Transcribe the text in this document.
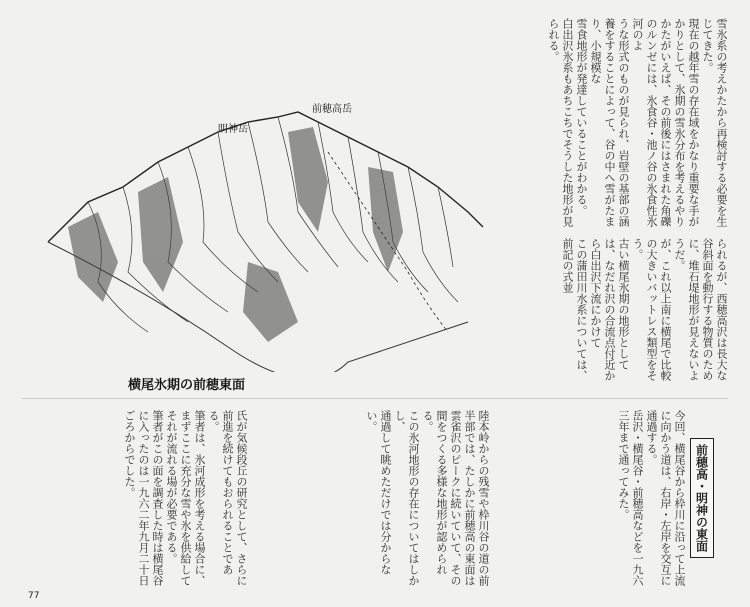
明神岳
前穂高岳
横尾氷期の前穂東面
雪氷系の考えかたから再検討する必要を生じてきた。
現在の越年雪の存在域をかなり重要な手がかりとして、氷期の雪氷分布を考えるやりかたがいえば、その前後にはさまれた角礫のルンゼには、氷食谷・池ノ谷の氷食性氷河のよ
うな形式のものが見られ、岩壁の基部の涵養をすることによって、谷の中へ雪がたまり、小規模な
雪食地形が発達していることがわかる。
白出沢氷系もあちこちでそうした地形が見られる。
られるが、西穂高沢は長大な谷斜面を動行する物質のために、堆石堤地形が見えないようだ。
が、これ以上南に横尾で比較の大きいバットレス類型をそう。
古い横尾氷期の地形としては、なだれ沢の合流点付近から白出沢下流にかけて
この蒲田川水系については、前記の式並
前穂高・明神の東面
今回、横尾谷から枠川に沿って上流に向かう道は、右岸・左岸を交互に通過する。
岳沢・横尾谷・前穂高などを一九六三年まで通ってみた。
陸本岭からの残雪や枠川谷の道の前半部では、たしかに前穂高の東面は雲雀沢のピークに続いていて、その間をつくる多様な地形が認められる。
この氷河地形の存在についてはしかし、
通過して眺めただけでは分からない。
氏が気候段丘の研究として、さらに前進を続けてもおられることである。
筆者は、氷河成形を考える場合に、まずここに充分な雪や氷を供給してそれが流れる場が必要である。
筆者がこの面を調査した時は横尾谷に入ったのは一九六二年九月二十日ごろからでした。
77
